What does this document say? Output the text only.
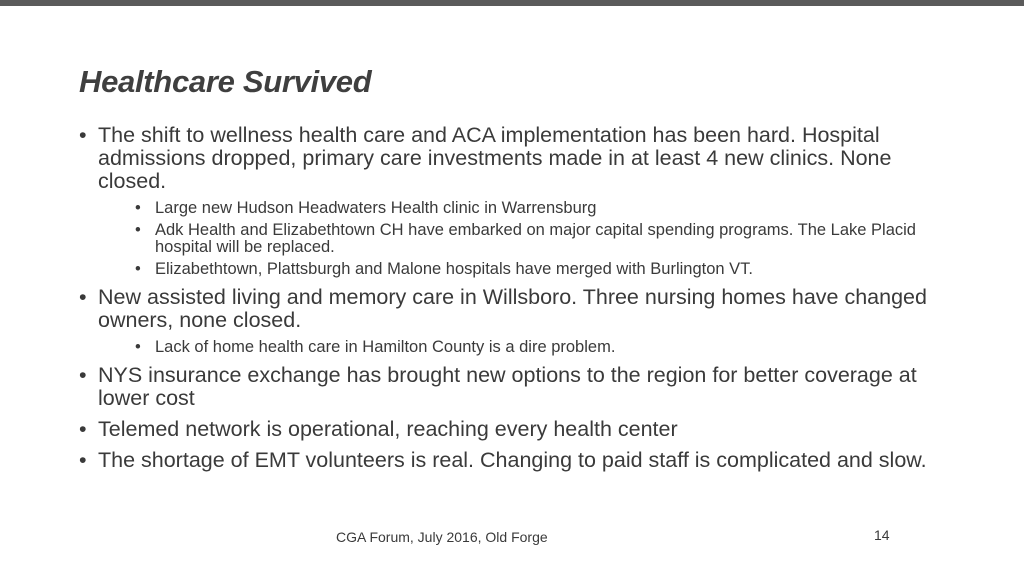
Healthcare Survived
• The shift to wellness health care and ACA implementation has been hard. Hospital admissions dropped, primary care investments made in at least 4 new clinics. None closed.
• Large new Hudson Headwaters Health clinic in Warrensburg
• Adk Health and Elizabethtown CH have embarked on major capital spending programs. The Lake Placid hospital will be replaced.
• Elizabethtown, Plattsburgh and Malone hospitals have merged with Burlington VT.
• New assisted living and memory care in Willsboro. Three nursing homes have changed owners, none closed.
• Lack of home health care in Hamilton County is a dire problem.
• NYS insurance exchange has brought new options to the region for better coverage at lower cost
• Telemed network is operational, reaching every health center
• The shortage of EMT volunteers is real. Changing to paid staff is complicated and slow.
CGA Forum, July 2016, Old Forge	14
